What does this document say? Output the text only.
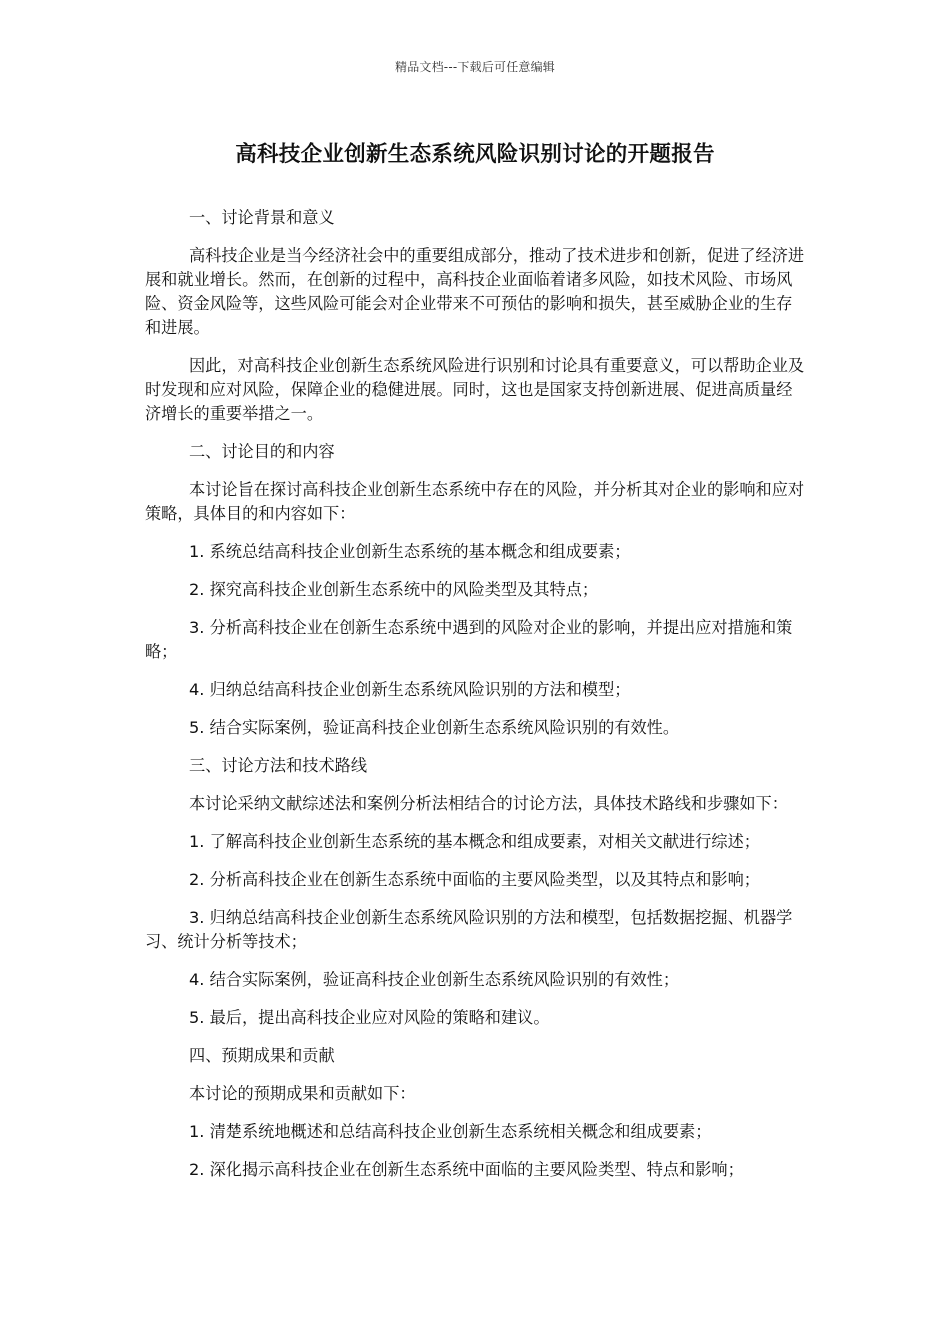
精品文档---下载后可任意编辑
高科技企业创新生态系统风险识别讨论的开题报告

一、讨论背景和意义

高科技企业是当今经济社会中的重要组成部分，推动了技术进步和创新，促进了经济进展和就业增长。然而，在创新的过程中，高科技企业面临着诸多风险，如技术风险、市场风险、资金风险等，这些风险可能会对企业带来不可预估的影响和损失，甚至威胁企业的生存和进展。

因此，对高科技企业创新生态系统风险进行识别和讨论具有重要意义，可以帮助企业及时发现和应对风险，保障企业的稳健进展。同时，这也是国家支持创新进展、促进高质量经济增长的重要举措之一。

二、讨论目的和内容

本讨论旨在探讨高科技企业创新生态系统中存在的风险，并分析其对企业的影响和应对策略，具体目的和内容如下：

1. 系统总结高科技企业创新生态系统的基本概念和组成要素；

2. 探究高科技企业创新生态系统中的风险类型及其特点；

3. 分析高科技企业在创新生态系统中遇到的风险对企业的影响，并提出应对措施和策略；

4. 归纳总结高科技企业创新生态系统风险识别的方法和模型；

5. 结合实际案例，验证高科技企业创新生态系统风险识别的有效性。

三、讨论方法和技术路线

本讨论采纳文献综述法和案例分析法相结合的讨论方法，具体技术路线和步骤如下：

1. 了解高科技企业创新生态系统的基本概念和组成要素，对相关文献进行综述；

2. 分析高科技企业在创新生态系统中面临的主要风险类型，以及其特点和影响；

3. 归纳总结高科技企业创新生态系统风险识别的方法和模型，包括数据挖掘、机器学习、统计分析等技术；

4. 结合实际案例，验证高科技企业创新生态系统风险识别的有效性；

5. 最后，提出高科技企业应对风险的策略和建议。

四、预期成果和贡献

本讨论的预期成果和贡献如下：

1. 清楚系统地概述和总结高科技企业创新生态系统相关概念和组成要素；

2. 深化揭示高科技企业在创新生态系统中面临的主要风险类型、特点和影响；
